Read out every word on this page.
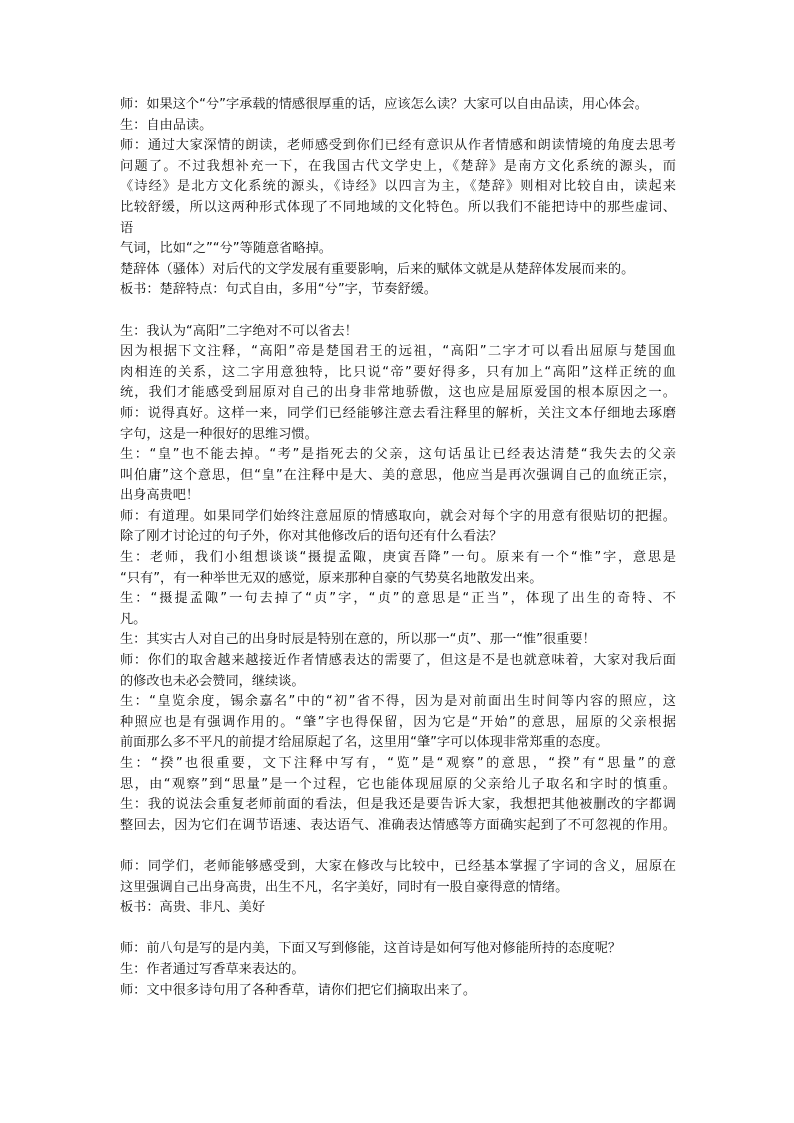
师：如果这个“兮”字承载的情感很厚重的话，应该怎么读？大家可以自由品读，用心体会。
生：自由品读。
师：通过大家深情的朗读，老师感受到你们已经有意识从作者情感和朗读情境的角度去思考
问题了。不过我想补充一下，在我国古代文学史上，《楚辞》是南方文化系统的源头，而
《诗经》是北方文化系统的源头，《诗经》以四言为主，《楚辞》则相对比较自由，读起来
比较舒缓，所以这两种形式体现了不同地域的文化特色。所以我们不能把诗中的那些虚词、
语
气词，比如“之”“兮”等随意省略掉。
楚辞体（骚体）对后代的文学发展有重要影响，后来的赋体文就是从楚辞体发展而来的。
板书：楚辞特点：句式自由，多用“兮”字，节奏舒缓。
生：我认为“高阳”二字绝对不可以省去！
因为根据下文注释，“高阳”帝是楚国君王的远祖，“高阳”二字才可以看出屈原与楚国血
肉相连的关系，这二字用意独特，比只说“帝”要好得多，只有加上“高阳”这样正统的血
统，我们才能感受到屈原对自己的出身非常地骄傲，这也应是屈原爱国的根本原因之一。
师：说得真好。这样一来，同学们已经能够注意去看注释里的解析，关注文本仔细地去琢磨
字句，这是一种很好的思维习惯。
生：“皇”也不能去掉。“考”是指死去的父亲，这句话虽让已经表达清楚“我失去的父亲
叫伯庸”这个意思，但“皇”在注释中是大、美的意思，他应当是再次强调自己的血统正宗，
出身高贵吧！
师：有道理。如果同学们始终注意屈原的情感取向，就会对每个字的用意有很贴切的把握。
除了刚才讨论过的句子外，你对其他修改后的语句还有什么看法？
生：老师，我们小组想谈谈“摄提孟陬，庚寅吾降”一句。原来有一个“惟”字，意思是
“只有”，有一种举世无双的感觉，原来那种自豪的气势莫名地散发出来。
生：“摄提孟陬”一句去掉了“贞”字，“贞”的意思是“正当”，体现了出生的奇特、不
凡。
生：其实古人对自己的出身时辰是特别在意的，所以那一“贞”、那一“惟”很重要！
师：你们的取舍越来越接近作者情感表达的需要了，但这是不是也就意味着，大家对我后面
的修改也未必会赞同，继续谈。
生：“皇览余度，锡余嘉名”中的“初”省不得，因为是对前面出生时间等内容的照应，这
种照应也是有强调作用的。“肇”字也得保留，因为它是“开始”的意思，屈原的父亲根据
前面那么多不平凡的前提才给屈原起了名，这里用“肇”字可以体现非常郑重的态度。
生：“揆”也很重要，文下注释中写有，“览”是“观察”的意思，“揆”有“思量”的意
思，由“观察”到“思量”是一个过程，它也能体现屈原的父亲给儿子取名和字时的慎重。
生：我的说法会重复老师前面的看法，但是我还是要告诉大家，我想把其他被删改的字都调
整回去，因为它们在调节语速、表达语气、准确表达情感等方面确实起到了不可忽视的作用。
师：同学们，老师能够感受到，大家在修改与比较中，已经基本掌握了字词的含义，屈原在
这里强调自己出身高贵，出生不凡，名字美好，同时有一股自豪得意的情绪。
板书：高贵、非凡、美好
师：前八句是写的是内美，下面又写到修能，这首诗是如何写他对修能所持的态度呢？
生：作者通过写香草来表达的。
师：文中很多诗句用了各种香草，请你们把它们摘取出来了。
